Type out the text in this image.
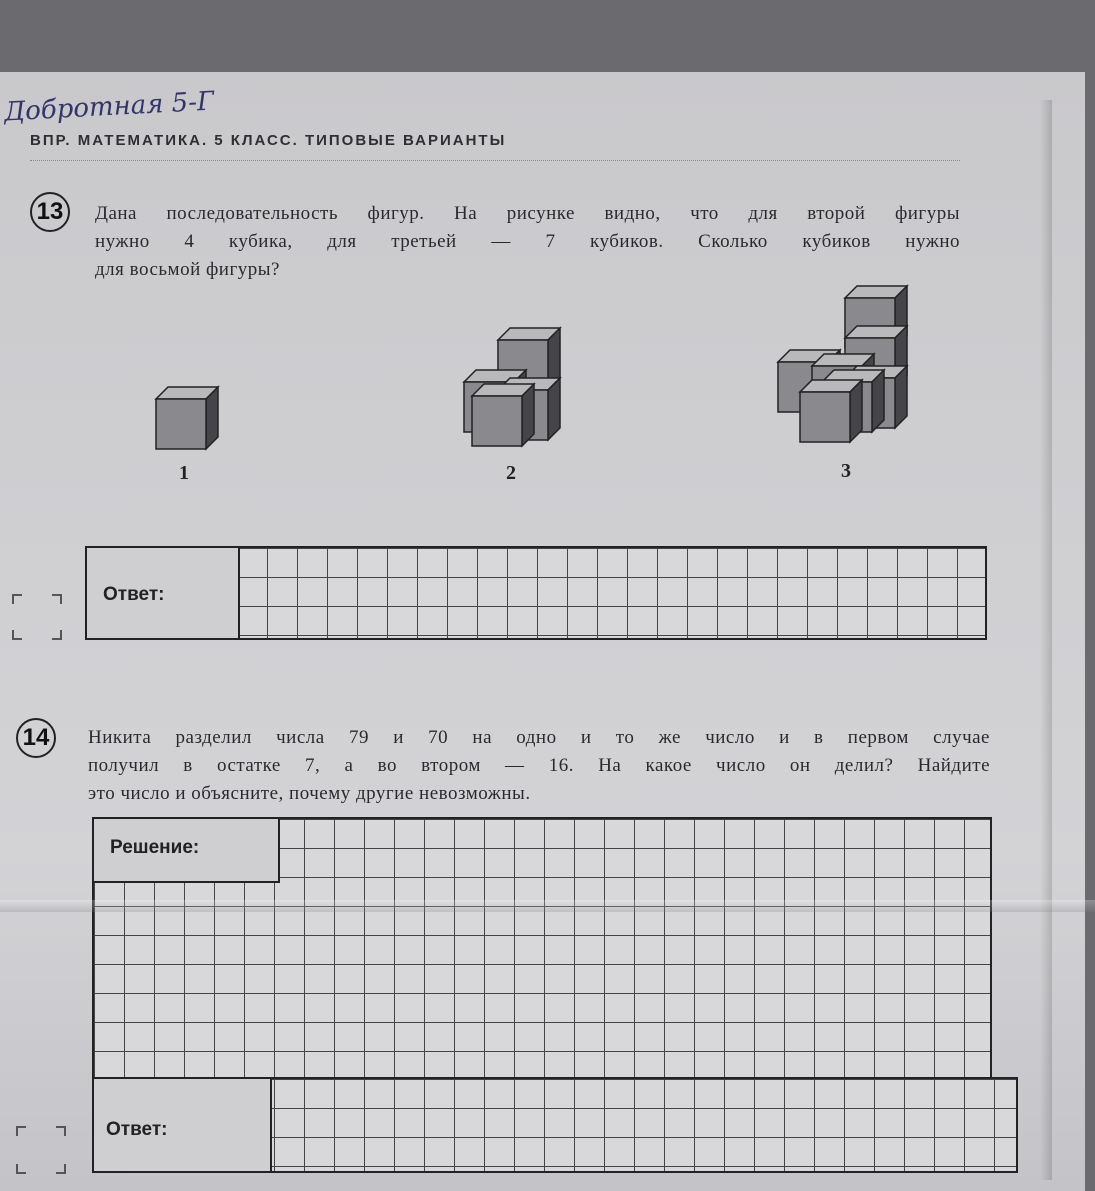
Добротная 5-Г
ВПР. МАТЕМАТИКА. 5 КЛАСС. ТИПОВЫЕ ВАРИАНТЫ
13	Дана последовательность фигур. На рисунке видно, что для второй фигуры
нужно 4 кубика, для третьей — 7 кубиков. Сколько кубиков нужно
для восьмой фигуры?
1	2	3
Ответ:
14	Никита разделил числа 79 и 70 на одно и то же число и в первом случае
получил в остатке 7, а во втором — 16. На какое число он делил? Найдите
это число и объясните, почему другие невозможны.
Решение:
Ответ:
